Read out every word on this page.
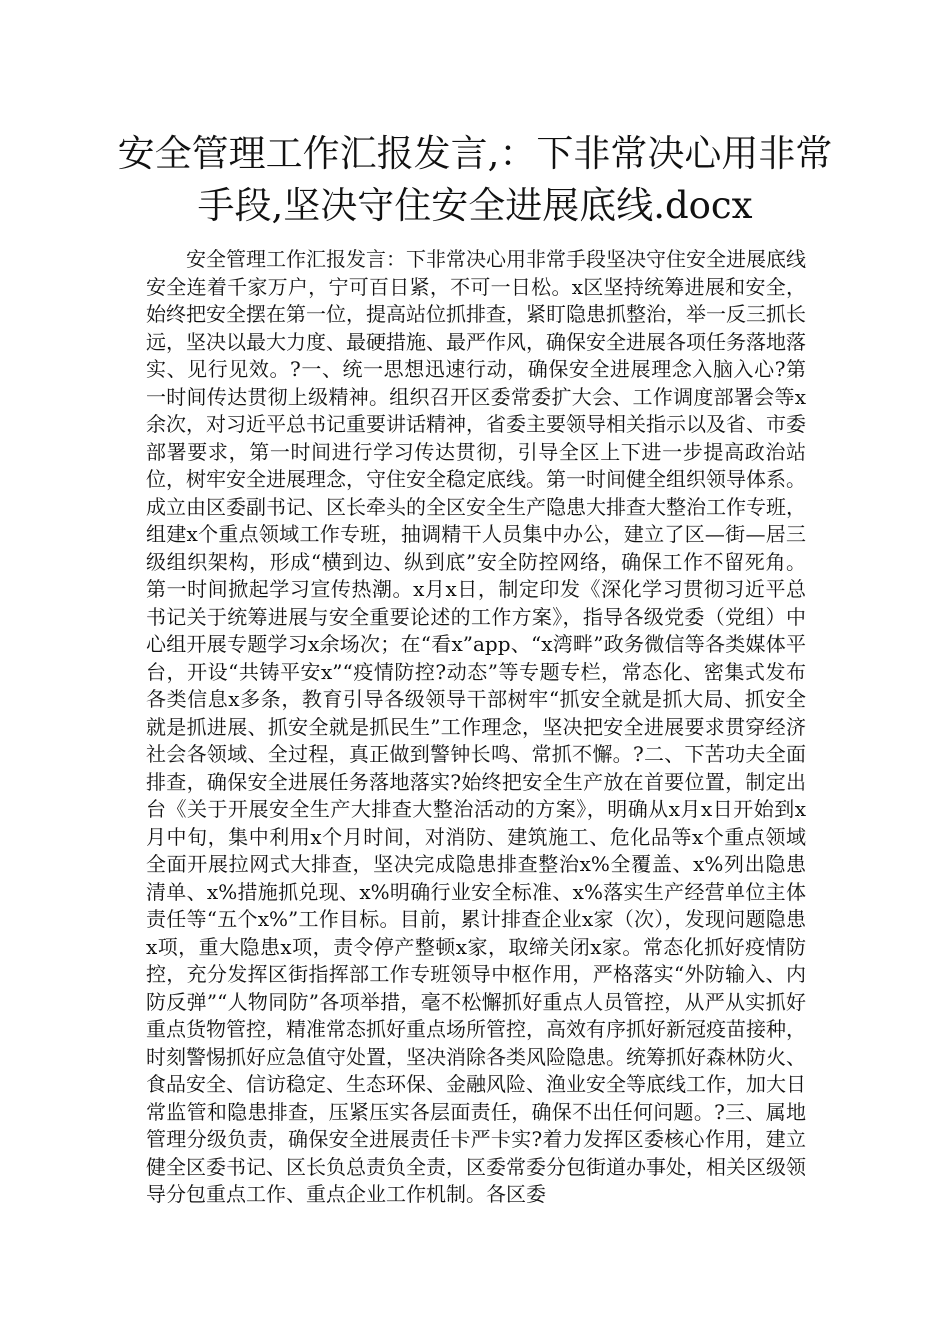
安全管理工作汇报发言,：下非常决心用非常手段,坚决守住安全进展底线.docx

安全管理工作汇报发言：下非常决心用非常手段坚决守住安全进展底线安全连着千家万户，宁可百日紧，不可一日松。x区坚持统筹进展和安全，始终把安全摆在第一位，提高站位抓排查，紧盯隐患抓整治，举一反三抓长远，坚决以最大力度、最硬措施、最严作风，确保安全进展各项任务落地落实、见行见效。?一、统一思想迅速行动，确保安全进展理念入脑入心?第一时间传达贯彻上级精神。组织召开区委常委扩大会、工作调度部署会等x余次，对习近平总书记重要讲话精神，省委主要领导相关指示以及省、市委部署要求，第一时间进行学习传达贯彻，引导全区上下进一步提高政治站位，树牢安全进展理念，守住安全稳定底线。第一时间健全组织领导体系。成立由区委副书记、区长牵头的全区安全生产隐患大排查大整治工作专班，组建x个重点领域工作专班，抽调精干人员集中办公，建立了区—街—居三级组织架构，形成“横到边、纵到底”安全防控网络，确保工作不留死角。第一时间掀起学习宣传热潮。x月x日，制定印发《深化学习贯彻习近平总书记关于统筹进展与安全重要论述的工作方案》，指导各级党委（党组）中心组开展专题学习x余场次；在“看x”app、“x湾畔”政务微信等各类媒体平台，开设“共铸平安x”“疫情防控?动态”等专题专栏，常态化、密集式发布各类信息x多条，教育引导各级领导干部树牢“抓安全就是抓大局、抓安全就是抓进展、抓安全就是抓民生”工作理念，坚决把安全进展要求贯穿经济社会各领域、全过程，真正做到警钟长鸣、常抓不懈。?二、下苦功夫全面排查，确保安全进展任务落地落实?始终把安全生产放在首要位置，制定出台《关于开展安全生产大排查大整治活动的方案》，明确从x月x日开始到x月中旬，集中利用x个月时间，对消防、建筑施工、危化品等x个重点领域全面开展拉网式大排查，坚决完成隐患排查整治x%全覆盖、x%列出隐患清单、x%措施抓兑现、x%明确行业安全标准、x%落实生产经营单位主体责任等“五个x%”工作目标。目前，累计排查企业x家（次），发现问题隐患x项，重大隐患x项，责令停产整顿x家，取缔关闭x家。常态化抓好疫情防控，充分发挥区街指挥部工作专班领导中枢作用，严格落实“外防输入、内防反弹”“人物同防”各项举措，毫不松懈抓好重点人员管控，从严从实抓好重点货物管控，精准常态抓好重点场所管控，高效有序抓好新冠疫苗接种，时刻警惕抓好应急值守处置，坚决消除各类风险隐患。统筹抓好森林防火、食品安全、信访稳定、生态环保、金融风险、渔业安全等底线工作，加大日常监管和隐患排查，压紧压实各层面责任，确保不出任何问题。?三、属地管理分级负责，确保安全进展责任卡严卡实?着力发挥区委核心作用，建立健全区委书记、区长负总责负全责，区委常委分包街道办事处，相关区级领导分包重点工作、重点企业工作机制。各区委
